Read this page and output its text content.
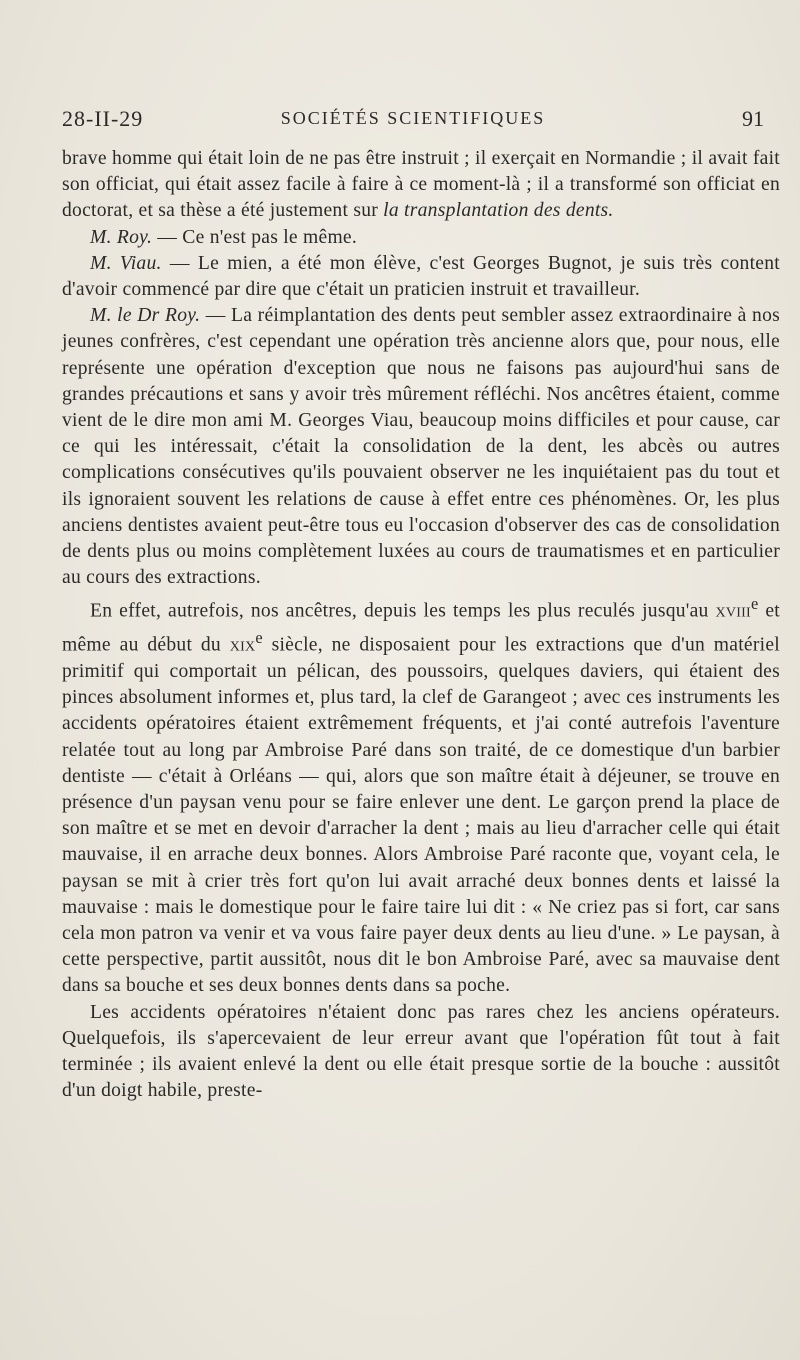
28-II-29	SOCIÉTÉS SCIENTIFIQUES	91

brave homme qui était loin de ne pas être instruit ; il exerçait en Normandie ; il avait fait son officiat, qui était assez facile à faire à ce moment-là ; il a transformé son officiat en doctorat, et sa thèse a été justement sur la transplantation des dents.

M. Roy. — Ce n'est pas le même.

M. Viau. — Le mien, a été mon élève, c'est Georges Bugnot, je suis très content d'avoir commencé par dire que c'était un praticien instruit et travailleur.

M. le Dr Roy. — La réimplantation des dents peut sembler assez extraordinaire à nos jeunes confrères, c'est cependant une opération très ancienne alors que, pour nous, elle représente une opération d'exception que nous ne faisons pas aujourd'hui sans de grandes précautions et sans y avoir très mûrement réfléchi. Nos ancêtres étaient, comme vient de le dire mon ami M. Georges Viau, beaucoup moins difficiles et pour cause, car ce qui les intéressait, c'était la consolidation de la dent, les abcès ou autres complications consécutives qu'ils pouvaient observer ne les inquiétaient pas du tout et ils ignoraient souvent les relations de cause à effet entre ces phénomènes. Or, les plus anciens dentistes avaient peut-être tous eu l'occasion d'observer des cas de consolidation de dents plus ou moins complètement luxées au cours de traumatismes et en particulier au cours des extractions.

En effet, autrefois, nos ancêtres, depuis les temps les plus reculés jusqu'au xviii$^e$ et même au début du xix$^e$ siècle, ne disposaient pour les extractions que d'un matériel primitif qui comportait un pélican, des poussoirs, quelques daviers, qui étaient des pinces absolument informes et, plus tard, la clef de Garangeot ; avec ces instruments les accidents opératoires étaient extrêmement fréquents, et j'ai conté autrefois l'aventure relatée tout au long par Ambroise Paré dans son traité, de ce domestique d'un barbier dentiste — c'était à Orléans — qui, alors que son maître était à déjeuner, se trouve en présence d'un paysan venu pour se faire enlever une dent. Le garçon prend la place de son maître et se met en devoir d'arracher la dent ; mais au lieu d'arracher celle qui était mauvaise, il en arrache deux bonnes. Alors Ambroise Paré raconte que, voyant cela, le paysan se mit à crier très fort qu'on lui avait arraché deux bonnes dents et laissé la mauvaise : mais le domestique pour le faire taire lui dit : « Ne criez pas si fort, car sans cela mon patron va venir et va vous faire payer deux dents au lieu d'une. » Le paysan, à cette perspective, partit aussitôt, nous dit le bon Ambroise Paré, avec sa mauvaise dent dans sa bouche et ses deux bonnes dents dans sa poche.

Les accidents opératoires n'étaient donc pas rares chez les anciens opérateurs. Quelquefois, ils s'apercevaient de leur erreur avant que l'opération fût tout à fait terminée ; ils avaient enlevé la dent ou elle était presque sortie de la bouche : aussitôt d'un doigt habile, preste-
